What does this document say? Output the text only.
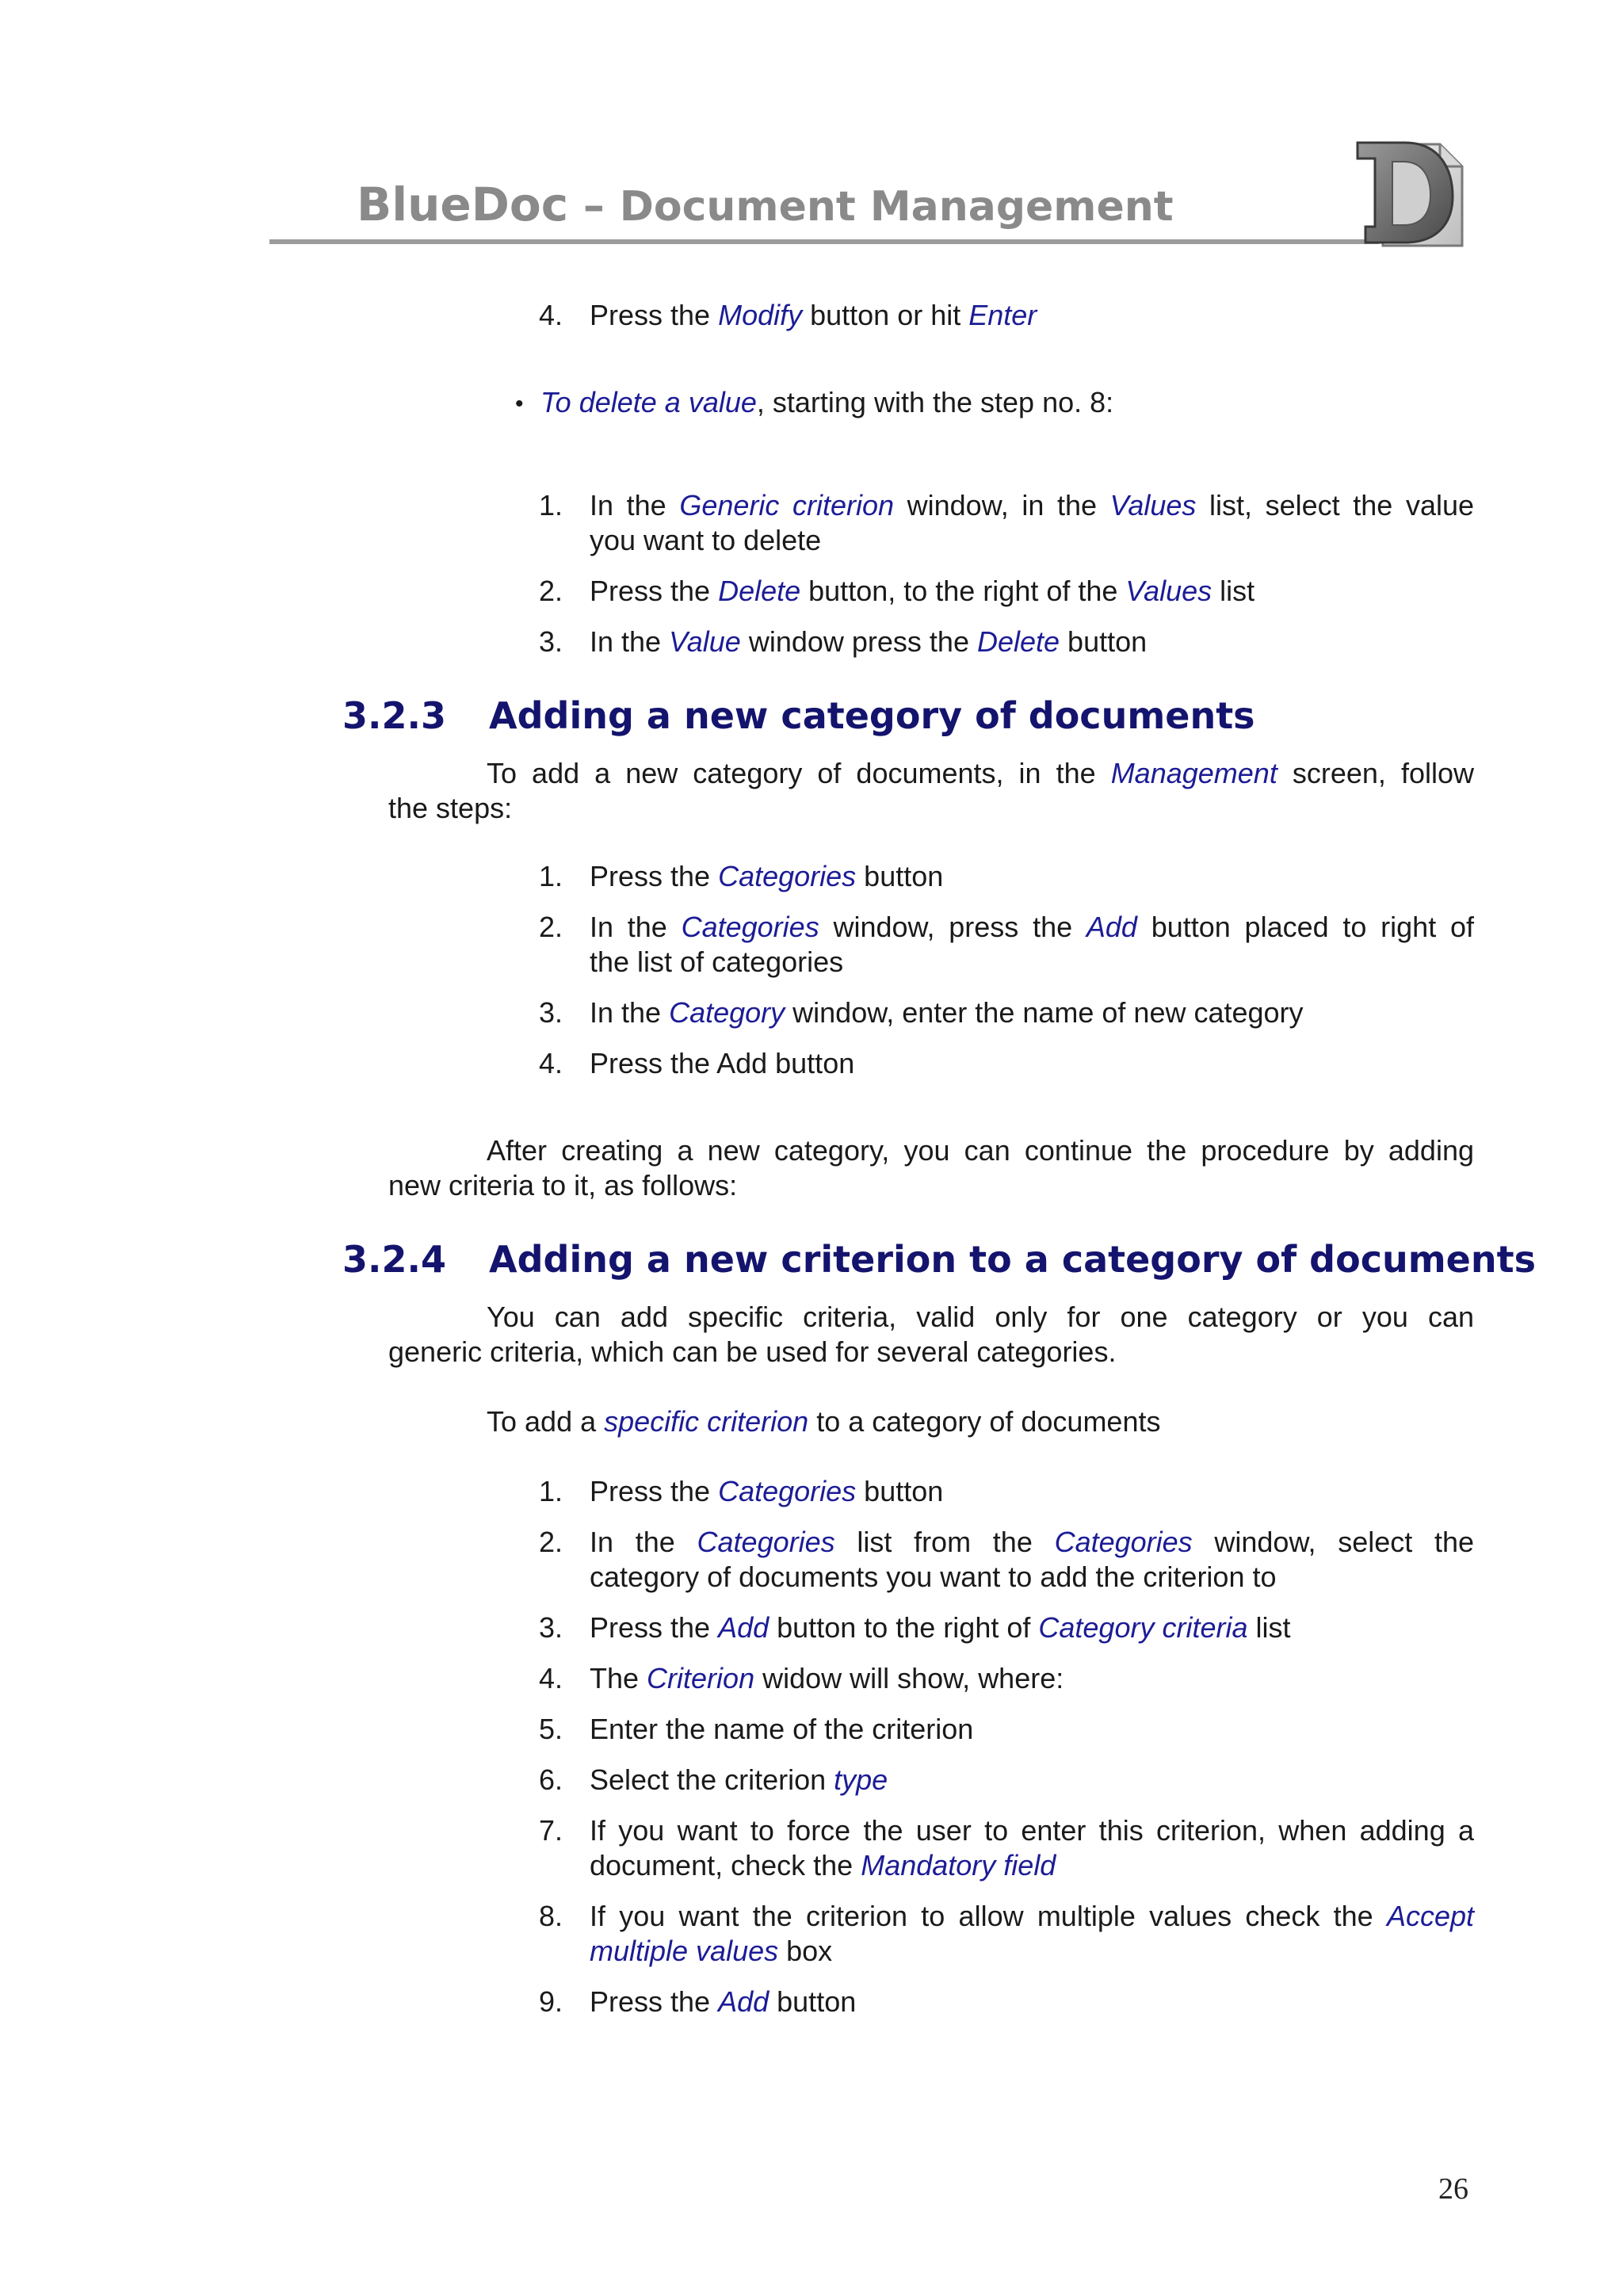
BlueDoc – Document Management
4. Press the Modify button or hit Enter
• To delete a value, starting with the step no. 8:
1. In the Generic criterion window, in the Values list, select the value
you want to delete
2. Press the Delete button, to the right of the Values list
3. In the Value window press the Delete button
3.2.3 Adding a new category of documents
To add a new category of documents, in the Management screen, follow
the steps:
1. Press the Categories button
2. In the Categories window, press the Add button placed to right of
the list of categories
3. In the Category window, enter the name of new category
4. Press the Add button
After creating a new category, you can continue the procedure by adding
new criteria to it, as follows:
3.2.4 Adding a new criterion to a category of documents
You can add specific criteria, valid only for one category or you can
generic criteria, which can be used for several categories.
To add a specific criterion to a category of documents
1. Press the Categories button
2. In the Categories list from the Categories window, select the
category of documents you want to add the criterion to
3. Press the Add button to the right of Category criteria list
4. The Criterion widow will show, where:
5. Enter the name of the criterion
6. Select the criterion type
7. If you want to force the user to enter this criterion, when adding a
document, check the Mandatory field
8. If you want the criterion to allow multiple values check the Accept
multiple values box
9. Press the Add button
26
